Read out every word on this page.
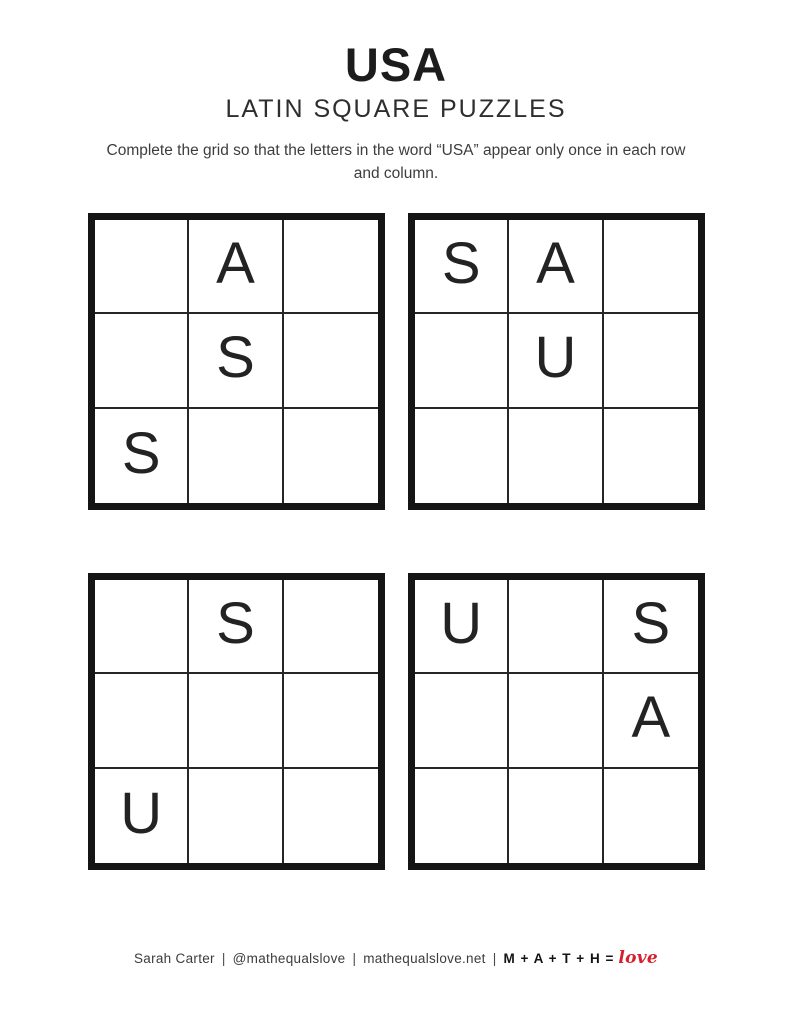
USA
LATIN SQUARE PUZZLES
Complete the grid so that the letters in the word “USA” appear only once in each row and column.
A
S
S
S A
U
S
U
U	S
A
Sarah Carter | @mathequalslove | mathequalslove.net | M + A + T + H = love
